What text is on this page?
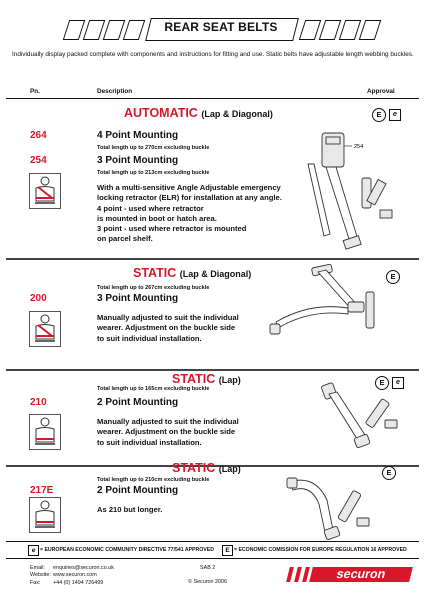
REAR SEAT BELTS
Individually display packed complete with components and instructions for fitting and use. Static belts have adjustable length webbing buckles.
Pn.	Description	Approval
AUTOMATIC (Lap & Diagonal)	E	e
264	4 Point Mounting
Total length up to 270cm excluding buckle
254	3 Point Mounting
Total length up to 213cm excluding buckle
With a multi-sensitive Angle Adjustable emergency
locking retractor (ELR) for installation at any angle.
4 point - used where retractor
is mounted in boot or hatch area.
3 point - used where retractor is mounted
on parcel shelf.
254
STATIC (Lap & Diagonal)	E
Total length up to 267cm excluding buckle
200	3 Point Mounting
Manually adjusted to suit the individual
wearer. Adjustment on the buckle side
to suit individual installation.
STATIC (Lap)	E	e
Total length up to 165cm excluding buckle
210	2 Point Mounting
Manually adjusted to suit the individual
wearer. Adjustment on the buckle side
to suit individual installation.
STATIC (Lap)	E
Total length up to 210cm excluding buckle
217E	2 Point Mounting
As 210 but longer.
e = EUROPEAN ECONOMIC COMMUNITY DIRECTIVE 77/541 APPROVED	E = ECONOMIC COMISSION FOR EUROPE REGULATION 16 APPROVED
Email: enquiries@securon.co.uk
Website: www.securon.com
Fax: +44 (0) 1494 726499
SAB 2
© Securon 2006
securon
